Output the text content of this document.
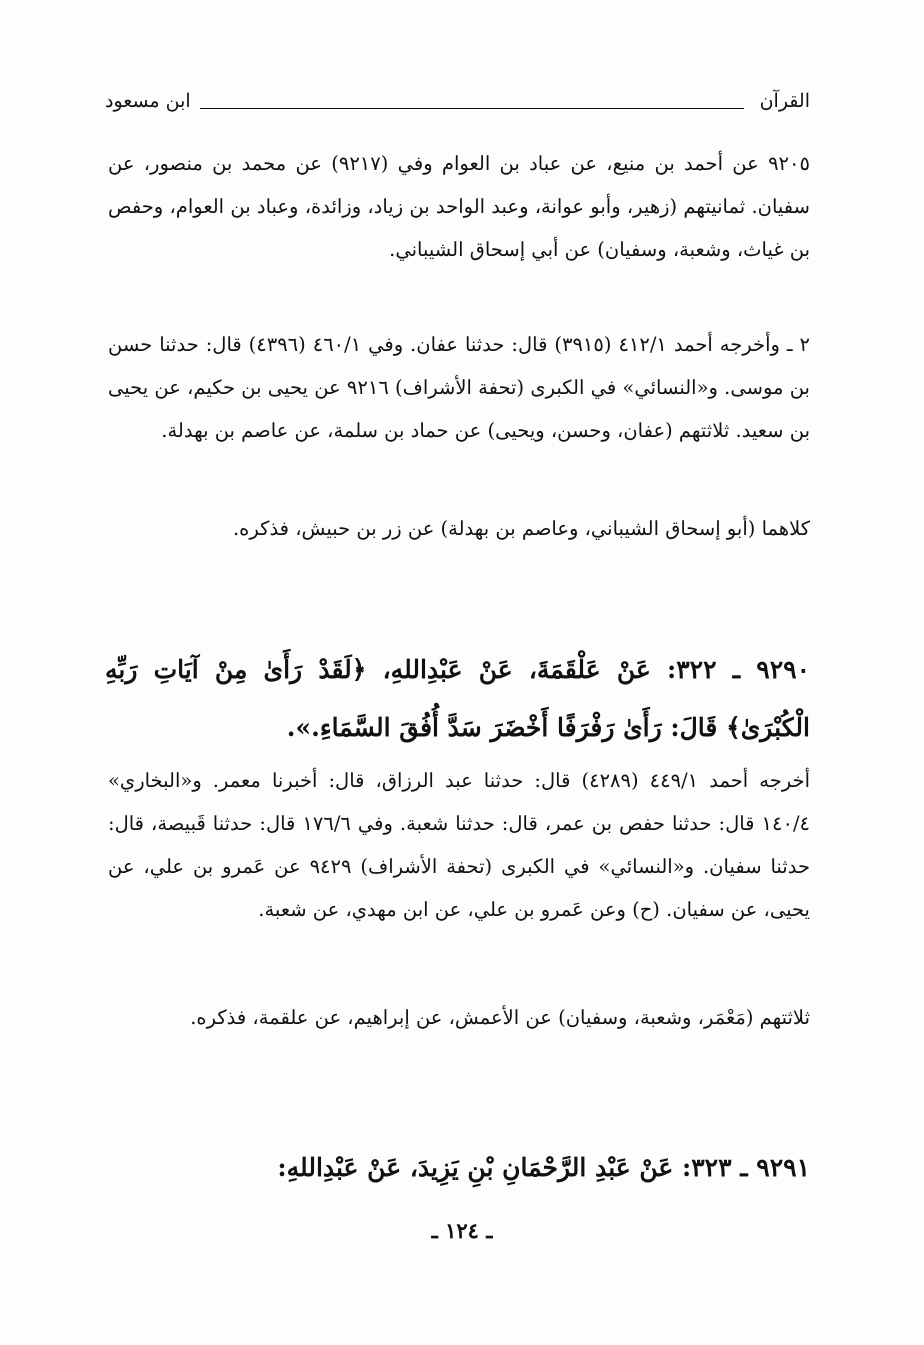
القرآن
ابن مسعود
٩٢٠٥ عن أحمد بن منيع، عن عباد بن العوام وفي (٩٢١٧) عن محمد بن منصور، عن سفيان. ثمانيتهم (زهير، وأبو عوانة، وعبد الواحد بن زياد، وزائدة، وعباد بن العوام، وحفص بن غياث، وشعبة، وسفيان) عن أبي إسحاق الشيباني.
٢ ـ وأخرجه أحمد ٤١٢/١ (٣٩١٥) قال: حدثنا عفان. وفي ٤٦٠/١ (٤٣٩٦) قال: حدثنا حسن بن موسى. و«النسائي» في الكبرى (تحفة الأشراف) ٩٢١٦ عن يحيى بن حكيم، عن يحيى بن سعيد. ثلاثتهم (عفان، وحسن، ويحيى) عن حماد بن سلمة، عن عاصم بن بهدلة.
كلاهما (أبو إسحاق الشيباني، وعاصم بن بهدلة) عن زر بن حبيش، فذكره.
٩٢٩٠ ـ ٣٢٢: عَنْ عَلْقَمَةَ، عَنْ عَبْدِاللهِ، ﴿لَقَدْ رَأَىٰ مِنْ آيَاتِ رَبِّهِ الْكُبْرَىٰ﴾ قَالَ: رَأَىٰ رَفْرَفًا أَخْضَرَ سَدَّ أُفُقَ السَّمَاءِ.».
أخرجه أحمد ٤٤٩/١ (٤٢٨٩) قال: حدثنا عبد الرزاق، قال: أخبرنا معمر. و«البخاري» ١٤٠/٤ قال: حدثنا حفص بن عمر، قال: حدثنا شعبة. وفي ١٧٦/٦ قال: حدثنا قَبيصة، قال: حدثنا سفيان. و«النسائي» في الكبرى (تحفة الأشراف) ٩٤٢٩ عن عَمرو بن علي، عن يحيى، عن سفيان. (ح) وعن عَمرو بن علي، عن ابن مهدي، عن شعبة.
ثلاثتهم (مَعْمَر، وشعبة، وسفيان) عن الأعمش، عن إبراهيم، عن علقمة، فذكره.
٩٢٩١ ـ ٣٢٣: عَنْ عَبْدِ الرَّحْمَانِ بْنِ يَزِيدَ، عَنْ عَبْدِاللهِ:
ـ ١٢٤ ـ
